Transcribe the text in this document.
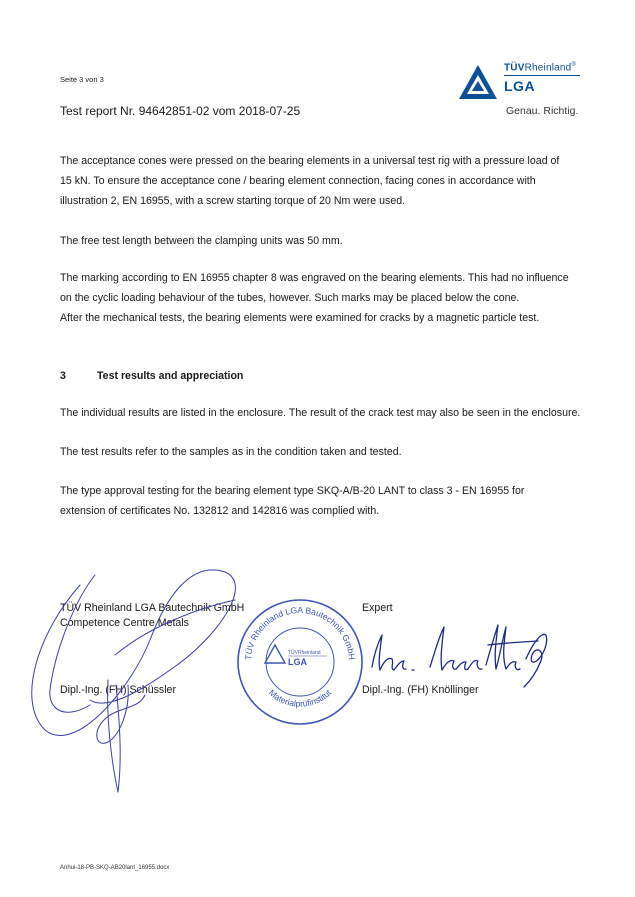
Seite 3 von 3
Test report Nr. 94642851-02 vom 2018-07-25
TÜVRheinland®
LGA
Genau. Richtig.
The acceptance cones were pressed on the bearing elements in a universal test rig with a pressure load of
15 kN. To ensure the acceptance cone / bearing element connection, facing cones in accordance with
illustration 2, EN 16955, with a screw starting torque of 20 Nm were used.
The free test length between the clamping units was 50 mm.
The marking according to EN 16955 chapter 8 was engraved on the bearing elements. This had no influence
on the cyclic loading behaviour of the tubes, however. Such marks may be placed below the cone.
After the mechanical tests, the bearing elements were examined for cracks by a magnetic particle test.
3	Test results and appreciation
The individual results are listed in the enclosure. The result of the crack test may also be seen in the enclosure.
The test results refer to the samples as in the condition taken and tested.
The type approval testing for the bearing element type SKQ-A/B-20 LANT to class 3 - EN 16955 for
extension of certificates No. 132812 and 142816 was complied with.
TÜV Rheinland LGA Bautechnik GmbH
Competence Centre Metals
Dipl.-Ing. (FH) Schüssler
TÜV Rheinland LGA Bautechnik GmbH
Materialprüfinstitut
TÜVRheinland
LGA
Expert
Dipl.-Ing. (FH) Knöllinger
Anhui-18-PB-SKQ-AB20lant_16955.docx
